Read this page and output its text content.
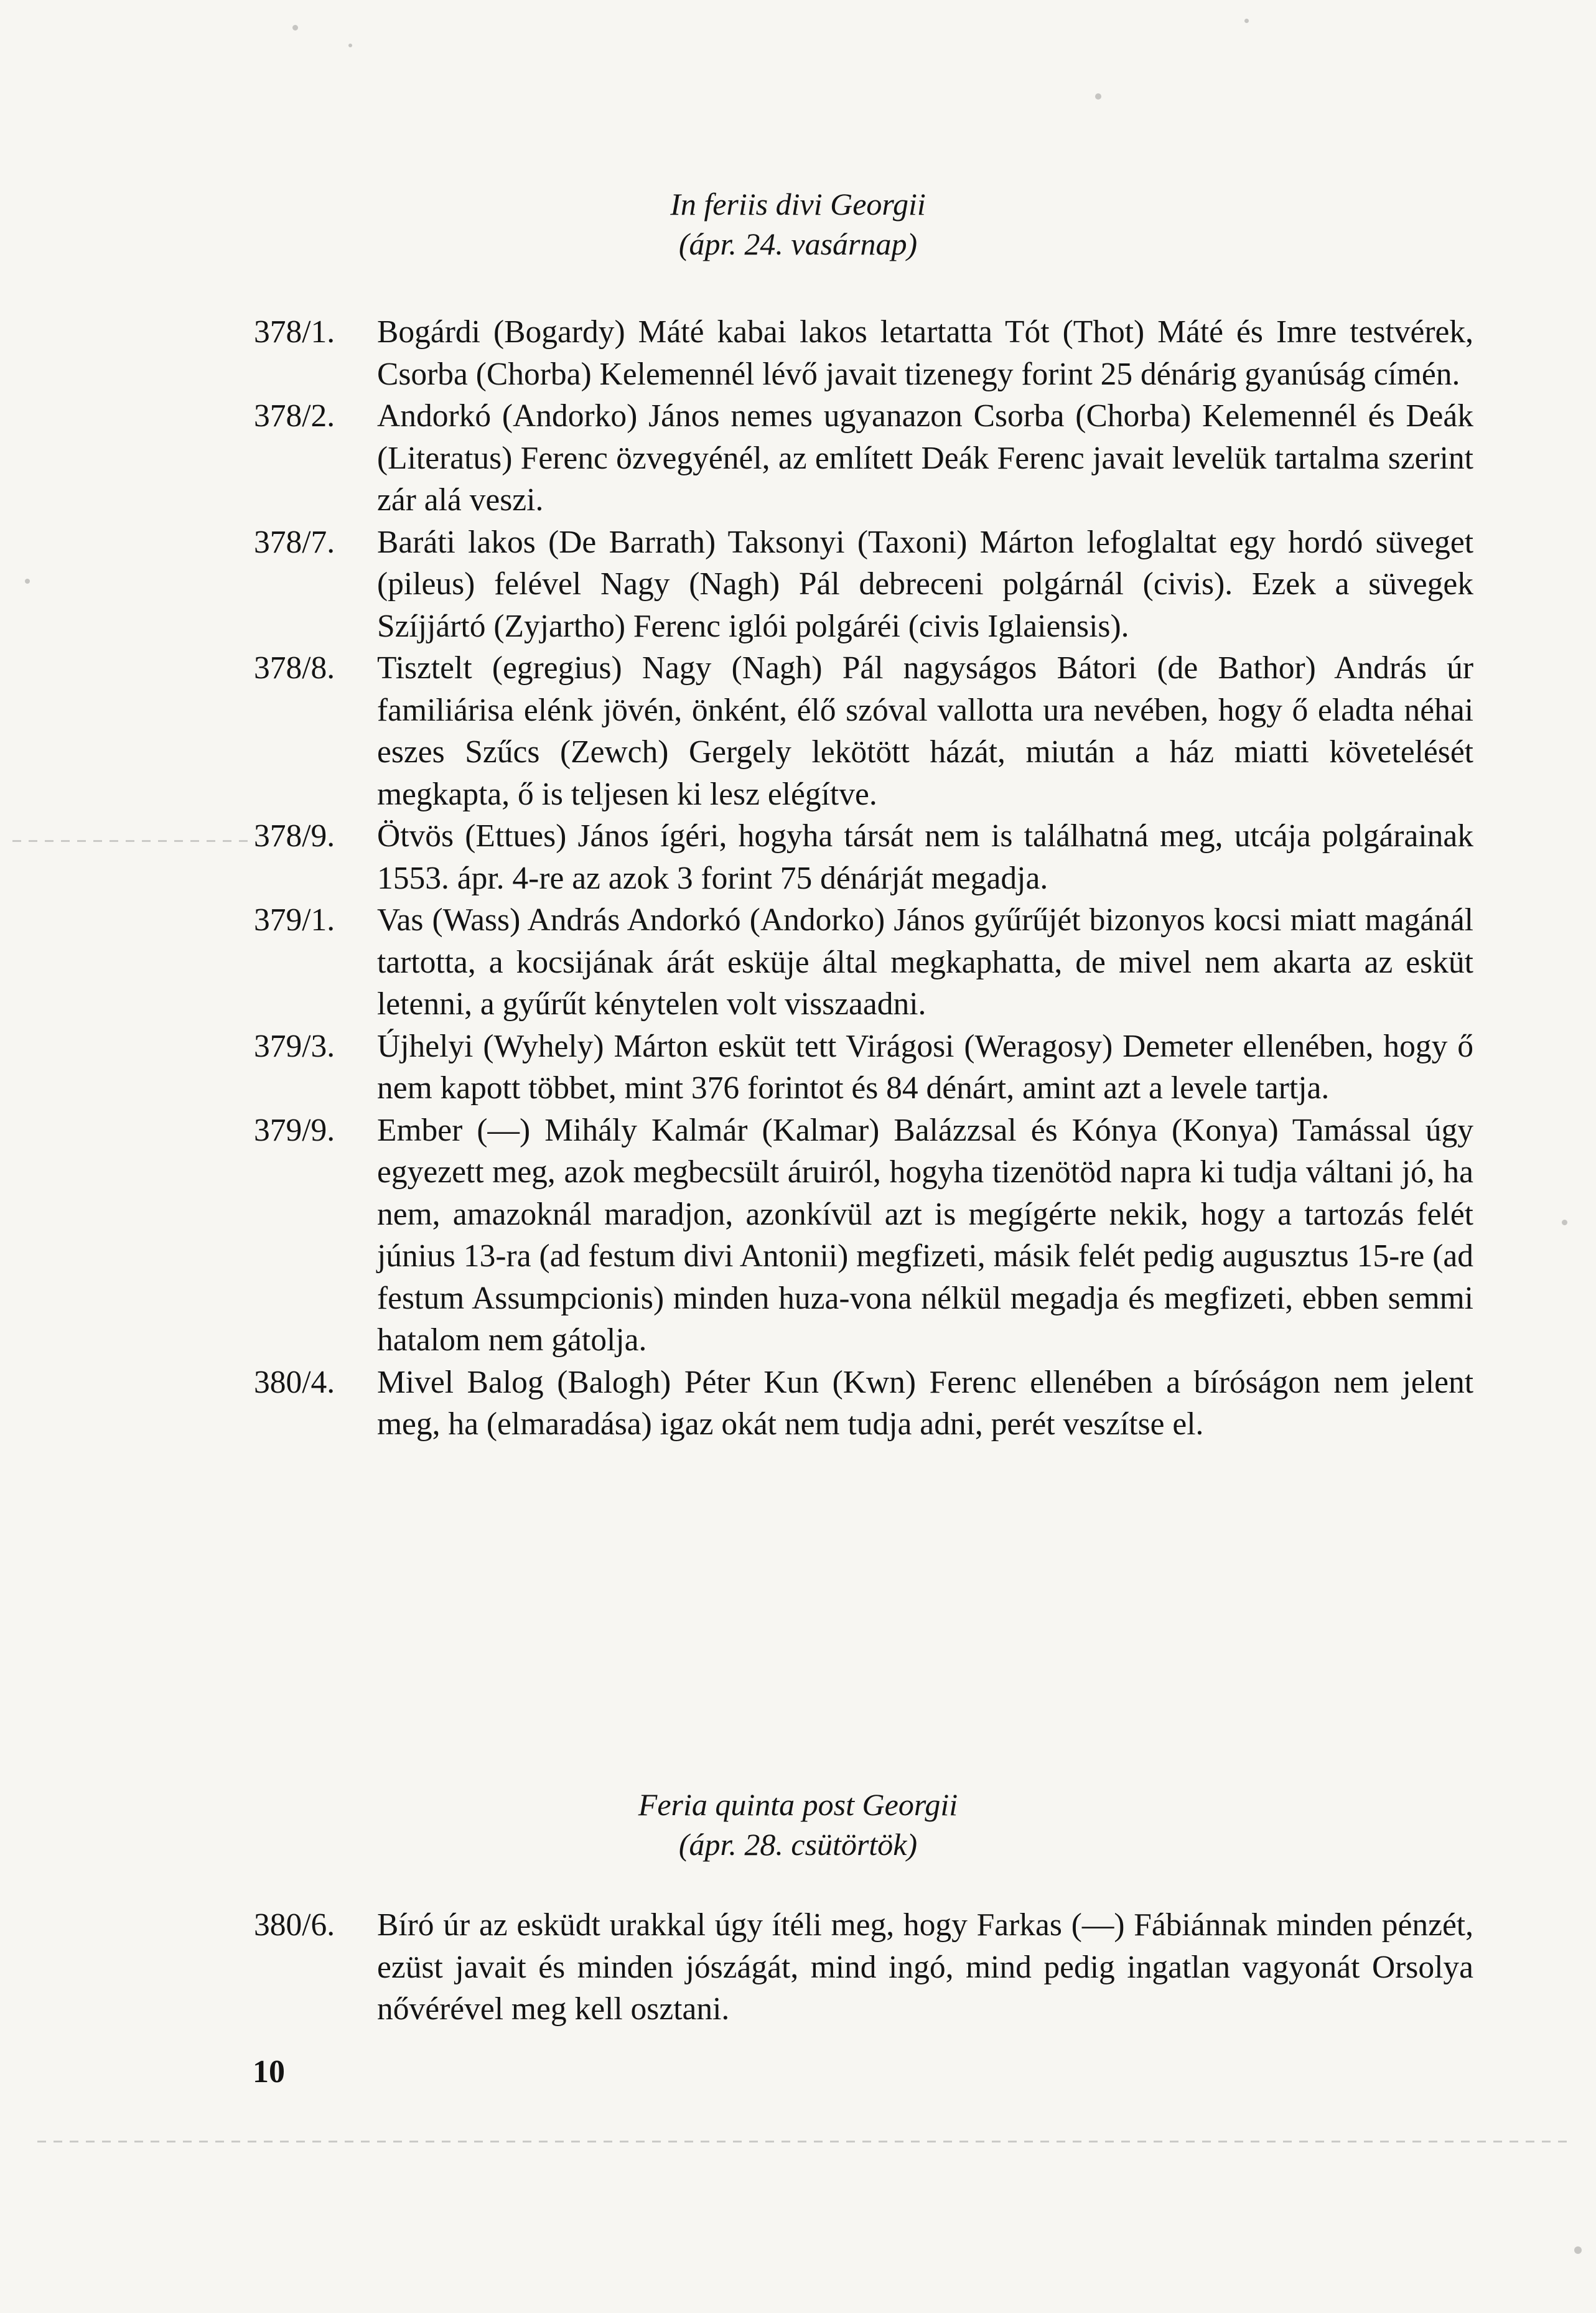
In feriis divi Georgii
(ápr. 24. vasárnap)
378/1. Bogárdi (Bogardy) Máté kabai lakos letartatta Tót (Thot) Máté és Imre testvérek, Csorba (Chorba) Kelemennél lévő javait tizenegy forint 25 dénárig gyanúság címén.
378/2. Andorkó (Andorko) János nemes ugyanazon Csorba (Chorba) Kelemennél és Deák (Literatus) Ferenc özvegyénél, az említett Deák Ferenc javait levelük tartalma szerint zár alá veszi.
378/7. Baráti lakos (De Barrath) Taksonyi (Taxoni) Márton lefoglaltat egy hordó süveget (pileus) felével Nagy (Nagh) Pál debreceni polgárnál (civis). Ezek a süvegek Szíjjártó (Zyjartho) Ferenc iglói polgáréi (civis Iglaiensis).
378/8. Tisztelt (egregius) Nagy (Nagh) Pál nagyságos Bátori (de Bathor) András úr familiárisa elénk jövén, önként, élő szóval vallotta ura nevében, hogy ő eladta néhai eszes Szűcs (Zewch) Gergely lekötött házát, miután a ház miatti követelését megkapta, ő is teljesen ki lesz elégítve.
378/9. Ötvös (Ettues) János ígéri, hogyha társát nem is találhatná meg, utcája polgárainak 1553. ápr. 4-re az azok 3 forint 75 dénárját megadja.
379/1. Vas (Wass) András Andorkó (Andorko) János gyűrűjét bizonyos kocsi miatt magánál tartotta, a kocsijának árát esküje által megkaphatta, de mivel nem akarta az esküt letenni, a gyűrűt kénytelen volt visszaadni.
379/3. Újhelyi (Wyhely) Márton esküt tett Virágosi (Weragosy) Demeter ellenében, hogy ő nem kapott többet, mint 376 forintot és 84 dénárt, amint azt a levele tartja.
379/9. Ember (—) Mihály Kalmár (Kalmar) Balázzsal és Kónya (Konya) Tamással úgy egyezett meg, azok megbecsült áruiról, hogyha tizenötöd napra ki tudja váltani jó, ha nem, amazoknál maradjon, azonkívül azt is megígérte nekik, hogy a tartozás felét június 13-ra (ad festum divi Antonii) megfizeti, másik felét pedig augusztus 15-re (ad festum Assumpcionis) minden huza-vona nélkül megadja és megfizeti, ebben semmi hatalom nem gátolja.
380/4. Mivel Balog (Balogh) Péter Kun (Kwn) Ferenc ellenében a bíróságon nem jelent meg, ha (elmaradása) igaz okát nem tudja adni, perét veszítse el.
Feria quinta post Georgii
(ápr. 28. csütörtök)
380/6. Bíró úr az esküdt urakkal úgy ítéli meg, hogy Farkas (—) Fábiánnak minden pénzét, ezüst javait és minden jószágát, mind ingó, mind pedig ingatlan vagyonát Orsolya nővérével meg kell osztani.
10
